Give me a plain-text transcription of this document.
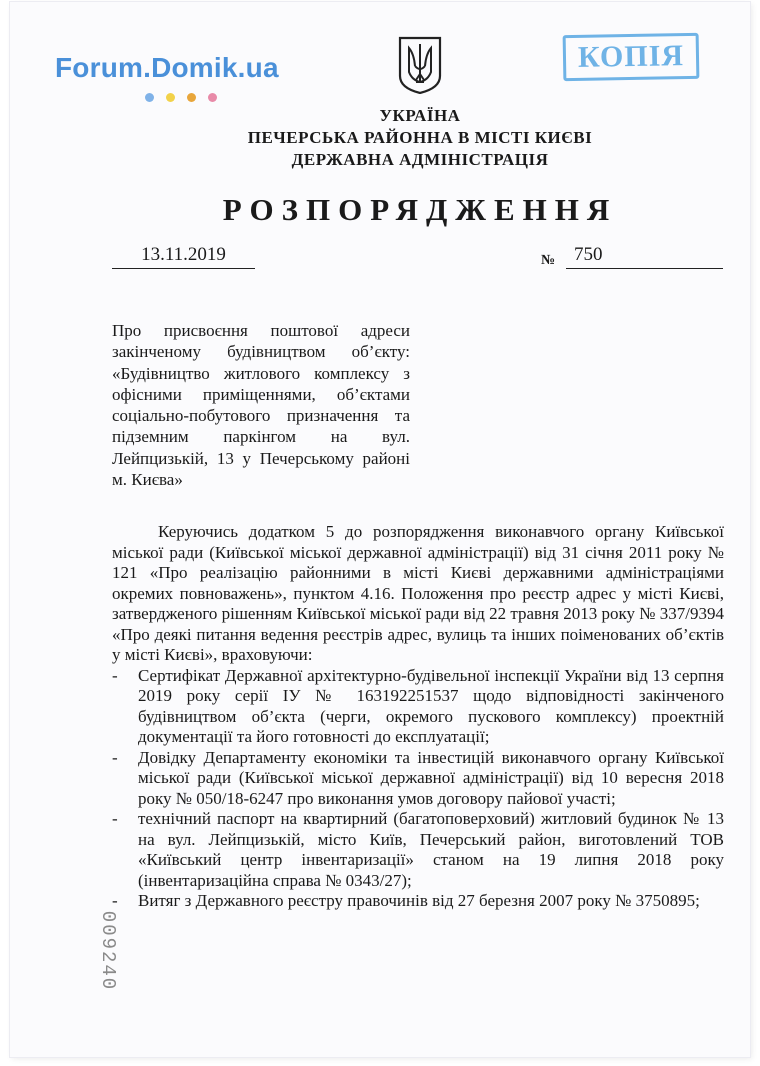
Forum.Domik.ua	КОПІЯ
УКРАЇНА
ПЕЧЕРСЬКА РАЙОННА В МІСТІ КИЄВІ
ДЕРЖАВНА АДМІНІСТРАЦІЯ
РОЗПОРЯДЖЕННЯ
13.11.2019	№ 750
Про присвоєння поштової адреси закінченому будівництвом об’єкту: «Будівництво житлового комплексу з офісними приміщеннями, об’єктами соціально-побутового призначення та підземним паркінгом на вул. Лейпцизькій, 13 у Печерському районі м. Києва»

Керуючись додатком 5 до розпорядження виконавчого органу Київської міської ради (Київської міської державної адміністрації) від 31 січня 2011 року № 121 «Про реалізацію районними в місті Києві державними адміністраціями окремих повноважень», пунктом 4.16. Положення про реєстр адрес у місті Києві, затвердженого рішенням Київської міської ради від 22 травня 2013 року № 337/9394 «Про деякі питання ведення реєстрів адрес, вулиць та інших поіменованих об’єктів у місті Києві», враховуючи:

- Сертифікат Державної архітектурно-будівельної інспекції України від 13 серпня 2019 року серії ІУ № 163192251537 щодо відповідності закінченого будівництвом об’єкта (черги, окремого пускового комплексу) проектній документації та його готовності до експлуатації;
- Довідку Департаменту економіки та інвестицій виконавчого органу Київської міської ради (Київської міської державної адміністрації) від 10 вересня 2018 року № 050/18-6247 про виконання умов договору пайової участі;
- технічний паспорт на квартирний (багатоповерховий) житловий будинок № 13 на вул. Лейпцизькій, місто Київ, Печерський район, виготовлений ТОВ «Київський центр інвентаризації» станом на 19 липня 2018 року (інвентаризаційна справа № 0343/27);
- Витяг з Державного реєстру правочинів від 27 березня 2007 року № 3750895;
009240
